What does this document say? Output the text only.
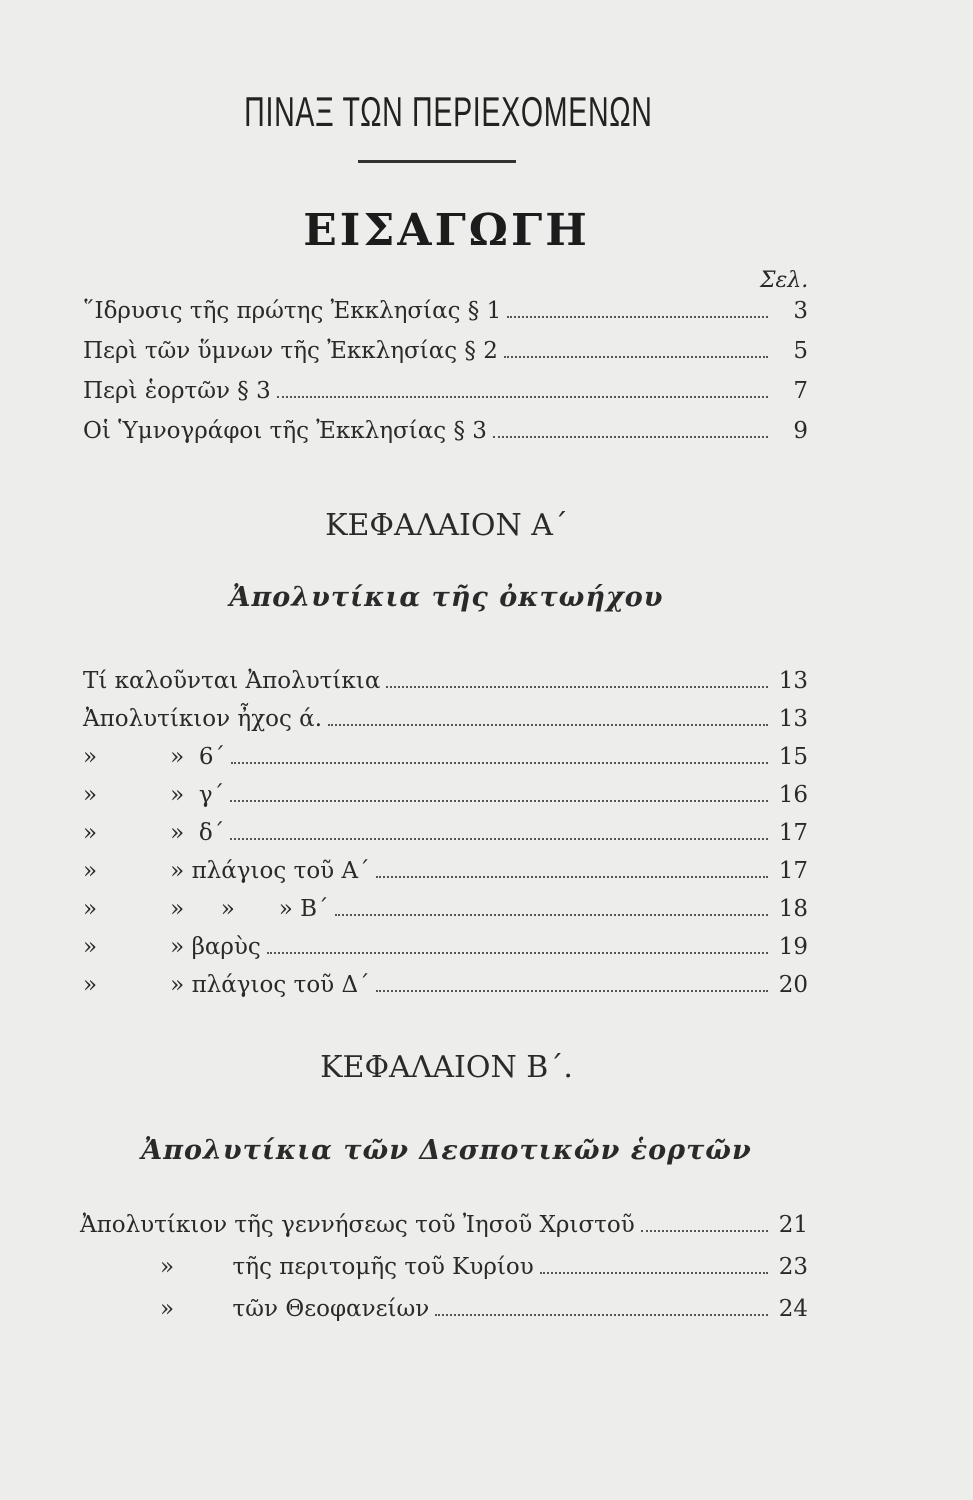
ΠΙΝΑΞ ΤΩΝ ΠΕΡΙΕΧΟΜΕΝΩΝ
ΕΙΣΑΓΩΓΗ
Σελ.
῞Ιδρυσις τῆς πρώτης Ἐκκλησίας § 1	3
Περὶ τῶν ὕμνων τῆς Ἐκκλησίας § 2	5
Περὶ ἑορτῶν § 3	7
Οἱ Ὑμνογράφοι τῆς Ἐκκλησίας § 3	9
ΚΕΦΑΛΑΙΟΝ Α΄
Ἀπολυτίκια τῆς ὀκτωήχου
Τί καλοῦνται Ἀπολυτίκια	13
Ἀπολυτίκιον ἦχος ά.	13
»          »  6΄	15
»          »  γ΄	16
»          »  δ΄	17
»          » πλάγιος τοῦ Α΄	17
»          »     »      » Β΄	18
»          » βαρὺς	19
»          » πλάγιος τοῦ Δ΄	20
ΚΕΦΑΛΑΙΟΝ Β΄.
Ἀπολυτίκια τῶν Δεσποτικῶν ἑορτῶν
Ἀπολυτίκιον τῆς γεννήσεως τοῦ Ἰησοῦ Χριστοῦ	21
»        τῆς περιτομῆς τοῦ Κυρίου	23
»        τῶν Θεοφανείων	24
